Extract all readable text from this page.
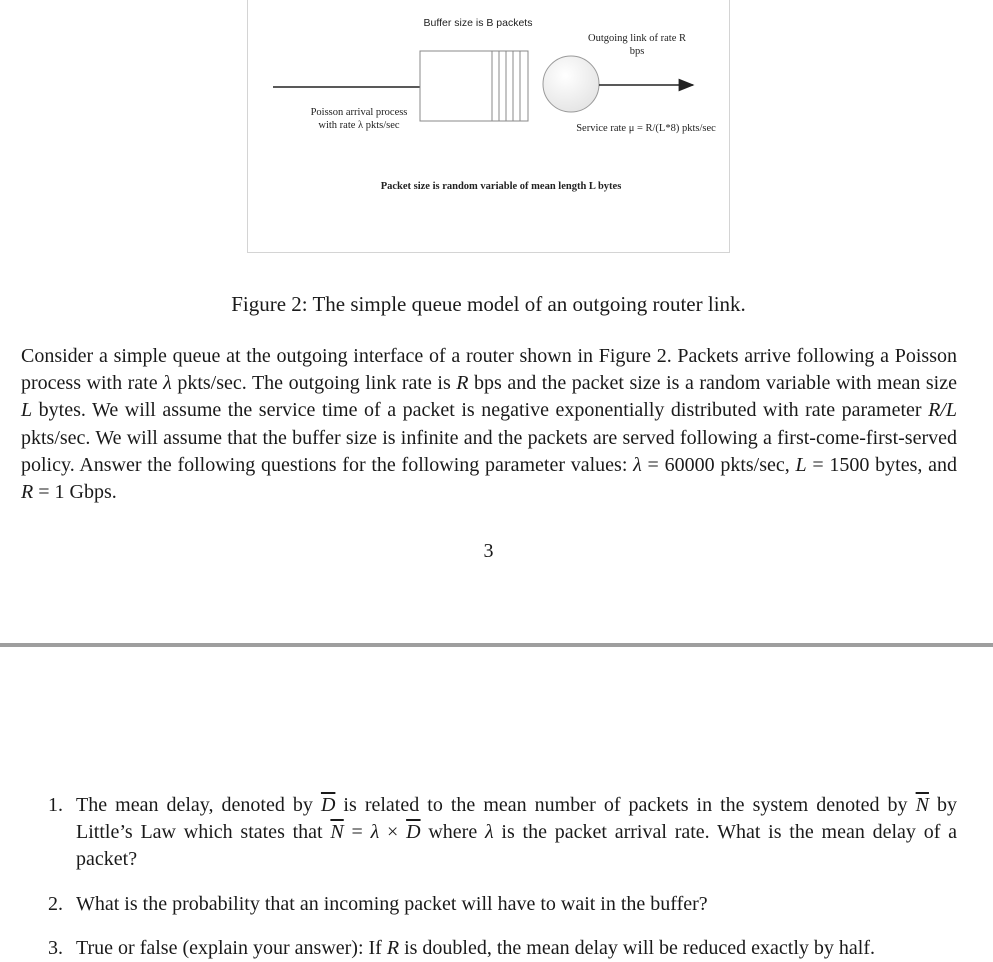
Buffer size is B packets
Outgoing link of rate R
bps
Poisson arrival process
with rate λ pkts/sec	Service rate μ = R/(L*8) pkts/sec
Packet size is random variable of mean length L bytes
Figure 2: The simple queue model of an outgoing router link.

Consider a simple queue at the outgoing interface of a router shown in Figure 2. Packets arrive following a Poisson process with rate λ pkts/sec. The outgoing link rate is R bps and the packet size is a random variable with mean size L bytes. We will assume the service time of a packet is negative exponentially distributed with rate parameter R/L pkts/sec. We will assume that the buffer size is infinite and the packets are served following a first-come-first-served policy. Answer the following questions for the following parameter values: λ = 60000 pkts/sec, L = 1500 bytes, and R = 1 Gbps.

3
1. The mean delay, denoted by $\overline{D}$ is related to the mean number of packets in the system denoted by $\overline{N}$ by Little’s Law which states that $\overline{N} = \lambda \times \overline{D}$ where λ is the packet arrival rate. What is the mean delay of a packet?
2. What is the probability that an incoming packet will have to wait in the buffer?
3. True or false (explain your answer): If R is doubled, the mean delay will be reduced exactly by half.
